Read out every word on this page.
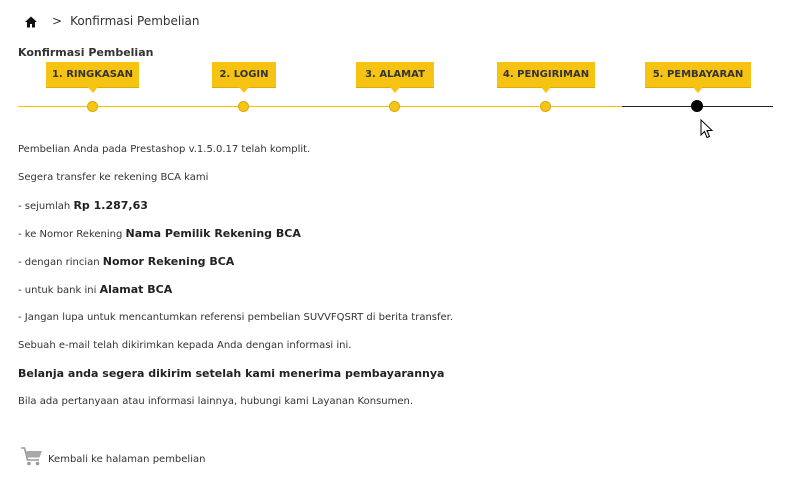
> Konfirmasi Pembelian
Konfirmasi Pembelian
1. RINGKASAN	2. LOGIN	3. ALAMAT	4. PENGIRIMAN	5. PEMBAYARAN

Pembelian Anda pada Prestashop v.1.5.0.17 telah komplit.

Segera transfer ke rekening BCA kami

- sejumlah Rp 1.287,63

- ke Nomor Rekening Nama Pemilik Rekening BCA

- dengan rincian Nomor Rekening BCA

- untuk bank ini Alamat BCA

- Jangan lupa untuk mencantumkan referensi pembelian SUVVFQSRT di berita transfer.

Sebuah e-mail telah dikirimkan kepada Anda dengan informasi ini.

Belanja anda segera dikirim setelah kami menerima pembayarannya

Bila ada pertanyaan atau informasi lainnya, hubungi kami Layanan Konsumen.

Kembali ke halaman pembelian
